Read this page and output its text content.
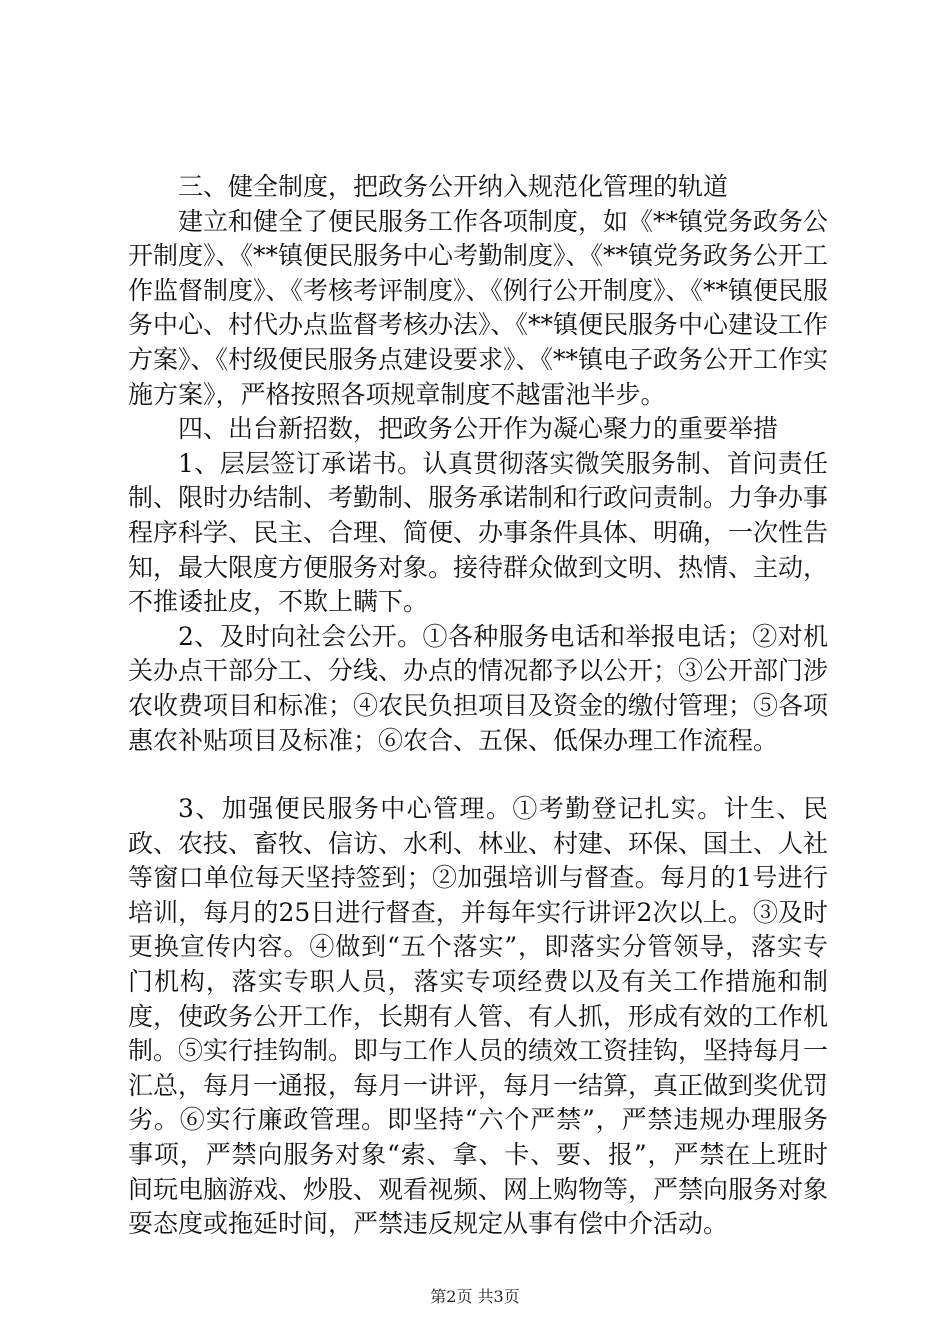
三、健全制度，把政务公开纳入规范化管理的轨道

建立和健全了便民服务工作各项制度，如《**镇党务政务公开制度》、《**镇便民服务中心考勤制度》、《**镇党务政务公开工作监督制度》、《考核考评制度》、《例行公开制度》、《**镇便民服务中心、村代办点监督考核办法》、《**镇便民服务中心建设工作方案》、《村级便民服务点建设要求》、《**镇电子政务公开工作实施方案》，严格按照各项规章制度不越雷池半步。

四、出台新招数，把政务公开作为凝心聚力的重要举措

1、层层签订承诺书。认真贯彻落实微笑服务制、首问责任制、限时办结制、考勤制、服务承诺制和行政问责制。力争办事程序科学、民主、合理、简便、办事条件具体、明确，一次性告知，最大限度方便服务对象。接待群众做到文明、热情、主动，不推诿扯皮，不欺上瞒下。

2、及时向社会公开。①各种服务电话和举报电话；②对机关办点干部分工、分线、办点的情况都予以公开；③公开部门涉农收费项目和标准；④农民负担项目及资金的缴付管理；⑤各项惠农补贴项目及标准；⑥农合、五保、低保办理工作流程。

3、加强便民服务中心管理。①考勤登记扎实。计生、民政、农技、畜牧、信访、水利、林业、村建、环保、国土、人社等窗口单位每天坚持签到；②加强培训与督查。每月的1号进行培训，每月的25日进行督查，并每年实行讲评2次以上。③及时更换宣传内容。④做到“五个落实”，即落实分管领导，落实专门机构，落实专职人员，落实专项经费以及有关工作措施和制度，使政务公开工作，长期有人管、有人抓，形成有效的工作机制。⑤实行挂钩制。即与工作人员的绩效工资挂钩，坚持每月一汇总，每月一通报，每月一讲评，每月一结算，真正做到奖优罚劣。⑥实行廉政管理。即坚持“六个严禁”，严禁违规办理服务事项，严禁向服务对象“索、拿、卡、要、报”，严禁在上班时间玩电脑游戏、炒股、观看视频、网上购物等，严禁向服务对象耍态度或拖延时间，严禁违反规定从事有偿中介活动。

第2页 共3页
